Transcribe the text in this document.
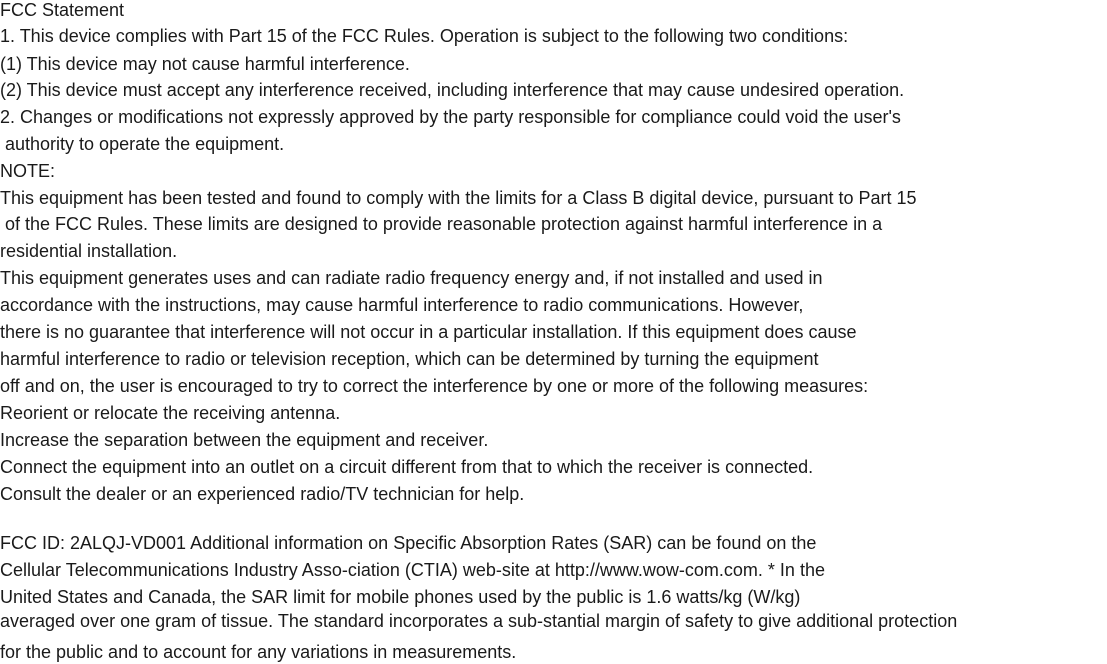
FCC Statement
1. This device complies with Part 15 of the FCC Rules. Operation is subject to the following two conditions:
(1) This device may not cause harmful interference.
(2) This device must accept any interference received, including interference that may cause undesired operation.
2. Changes or modifications not expressly approved by the party responsible for compliance could void the user's
authority to operate the equipment.
NOTE:
This equipment has been tested and found to comply with the limits for a Class B digital device, pursuant to Part 15
of the FCC Rules. These limits are designed to provide reasonable protection against harmful interference in a
residential installation.
This equipment generates uses and can radiate radio frequency energy and, if not installed and used in
accordance with the instructions, may cause harmful interference to radio communications. However,
there is no guarantee that interference will not occur in a particular installation. If this equipment does cause
harmful interference to radio or television reception, which can be determined by turning the equipment
off and on, the user is encouraged to try to correct the interference by one or more of the following measures:
Reorient or relocate the receiving antenna.
Increase the separation between the equipment and receiver.
Connect the equipment into an outlet on a circuit different from that to which the receiver is connected.
Consult the dealer or an experienced radio/TV technician for help.
FCC ID: 2ALQJ-VD001 Additional information on Specific Absorption Rates (SAR) can be found on the
Cellular Telecommunications Industry Asso-ciation (CTIA) web-site at http://www.wow-com.com. * In the
United States and Canada, the SAR limit for mobile phones used by the public is 1.6 watts/kg (W/kg)
averaged over one gram of tissue. The standard incorporates a sub-stantial margin of safety to give additional protection
for the public and to account for any variations in measurements.
